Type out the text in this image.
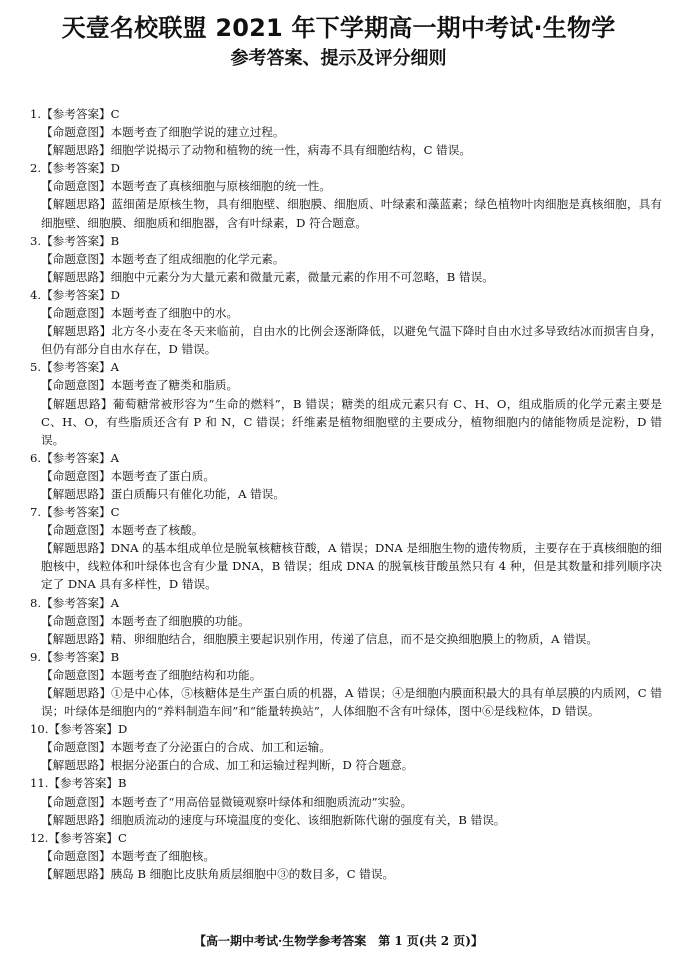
天壹名校联盟 2021 年下学期高一期中考试·生物学
参考答案、提示及评分细则
1.【参考答案】C
【命题意图】本题考查了细胞学说的建立过程。
【解题思路】细胞学说揭示了动物和植物的统一性，病毒不具有细胞结构，C 错误。
2.【参考答案】D
【命题意图】本题考查了真核细胞与原核细胞的统一性。
【解题思路】蓝细菌是原核生物，具有细胞壁、细胞膜、细胞质、叶绿素和藻蓝素；绿色植物叶肉细胞是真核细胞，具有细胞壁、细胞膜、细胞质和细胞器，含有叶绿素，D 符合题意。
3.【参考答案】B
【命题意图】本题考查了组成细胞的化学元素。
【解题思路】细胞中元素分为大量元素和微量元素，微量元素的作用不可忽略，B 错误。
4.【参考答案】D
【命题意图】本题考查了细胞中的水。
【解题思路】北方冬小麦在冬天来临前，自由水的比例会逐渐降低，以避免气温下降时自由水过多导致结冰而损害自身，但仍有部分自由水存在，D 错误。
5.【参考答案】A
【命题意图】本题考查了糖类和脂质。
【解题思路】葡萄糖常被形容为“生命的燃料”，B 错误；糖类的组成元素只有 C、H、O，组成脂质的化学元素主要是 C、H、O，有些脂质还含有 P 和 N，C 错误；纤维素是植物细胞壁的主要成分，植物细胞内的储能物质是淀粉，D 错误。
6.【参考答案】A
【命题意图】本题考查了蛋白质。
【解题思路】蛋白质酶只有催化功能，A 错误。
7.【参考答案】C
【命题意图】本题考查了核酸。
【解题思路】DNA 的基本组成单位是脱氧核糖核苷酸，A 错误；DNA 是细胞生物的遗传物质，主要存在于真核细胞的细胞核中，线粒体和叶绿体也含有少量 DNA，B 错误；组成 DNA 的脱氧核苷酸虽然只有 4 种，但是其数量和排列顺序决定了 DNA 具有多样性，D 错误。
8.【参考答案】A
【命题意图】本题考查了细胞膜的功能。
【解题思路】精、卵细胞结合，细胞膜主要起识别作用，传递了信息，而不是交换细胞膜上的物质，A 错误。
9.【参考答案】B
【命题意图】本题考查了细胞结构和功能。
【解题思路】①是中心体，⑤核糖体是生产蛋白质的机器，A 错误；④是细胞内膜面积最大的具有单层膜的内质网，C 错误；叶绿体是细胞内的“养料制造车间”和“能量转换站”，人体细胞不含有叶绿体，图中⑥是线粒体，D 错误。
10.【参考答案】D
【命题意图】本题考查了分泌蛋白的合成、加工和运输。
【解题思路】根据分泌蛋白的合成、加工和运输过程判断，D 符合题意。
11.【参考答案】B
【命题意图】本题考查了“用高倍显微镜观察叶绿体和细胞质流动”实验。
【解题思路】细胞质流动的速度与环境温度的变化、该细胞新陈代谢的强度有关，B 错误。
12.【参考答案】C
【命题意图】本题考查了细胞核。
【解题思路】胰岛 B 细胞比皮肤角质层细胞中③的数目多，C 错误。
【高一期中考试·生物学参考答案　第 1 页(共 2 页)】
